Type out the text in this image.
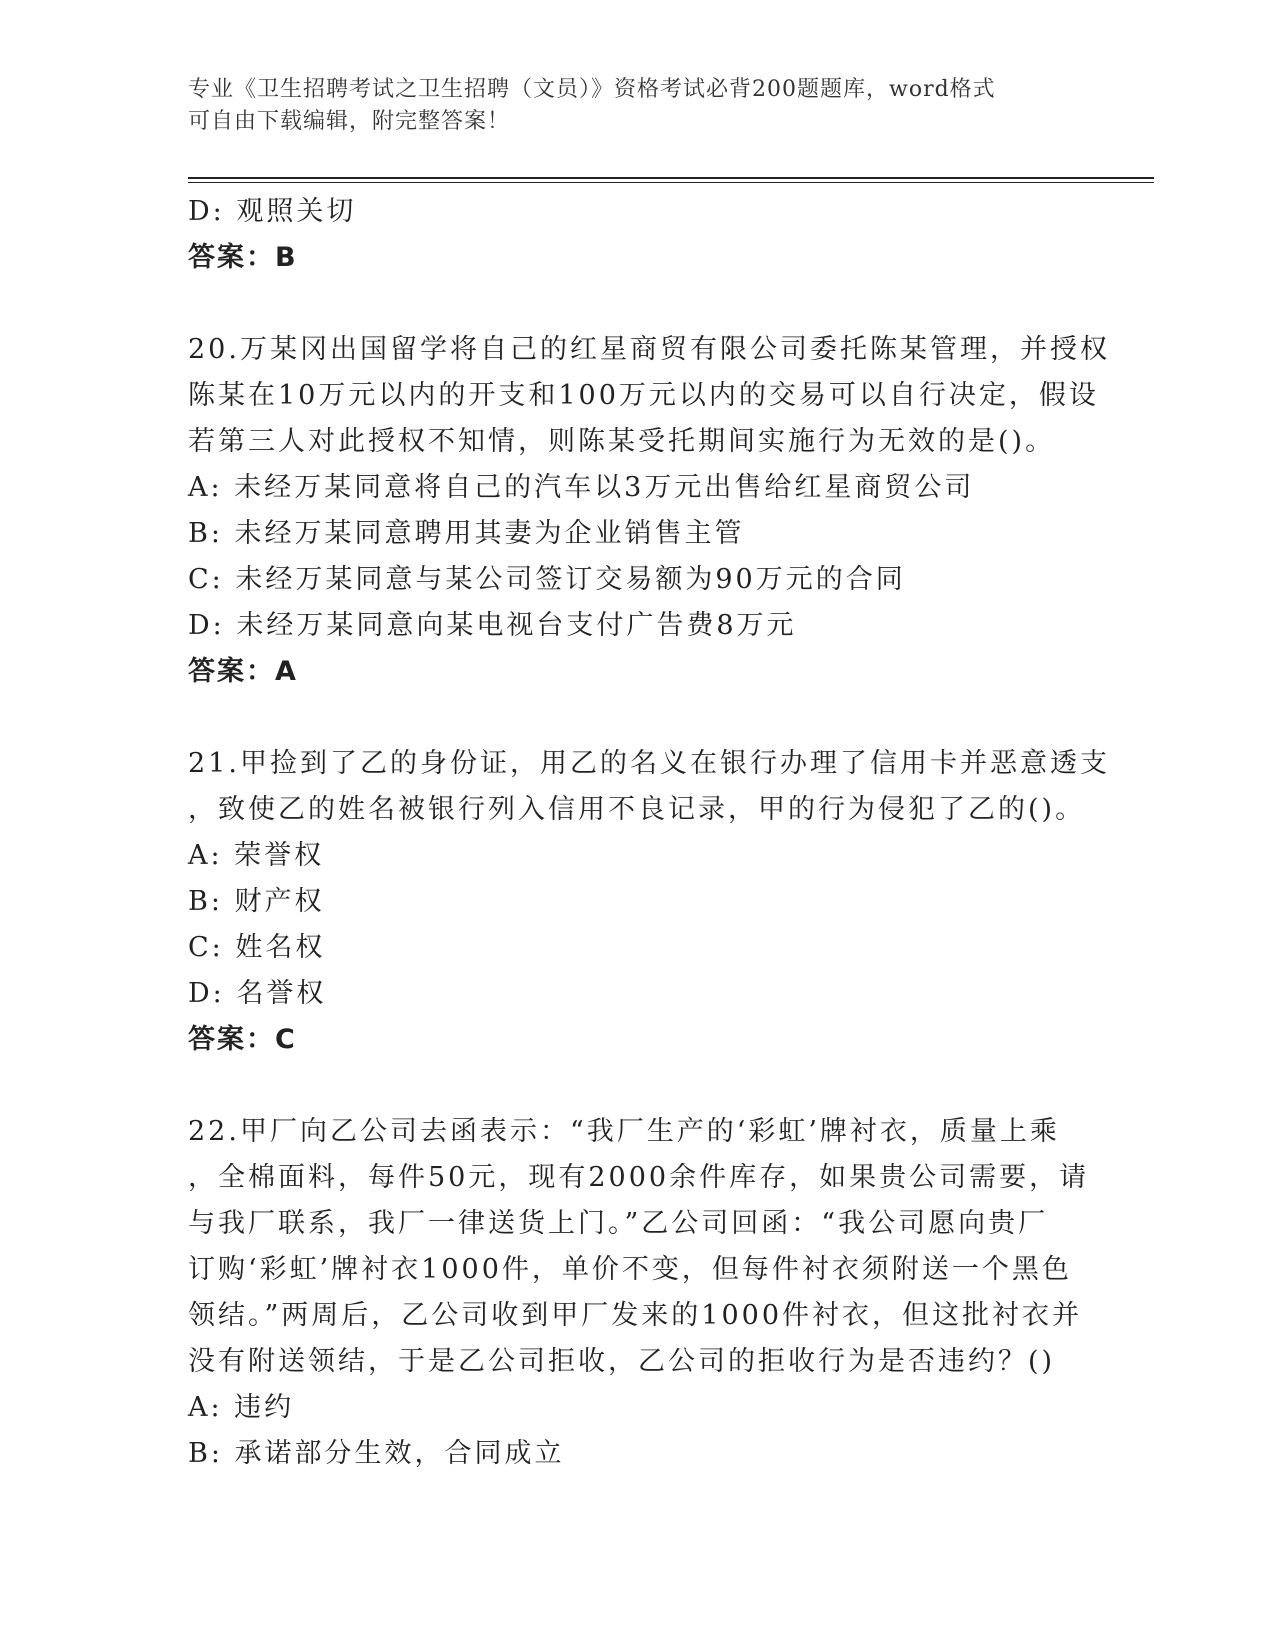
专业《卫生招聘考试之卫生招聘（文员）》资格考试必背200题题库，word格式
可自由下载编辑，附完整答案！
D: 观照关切
答案：B
20.万某冈出国留学将自己的红星商贸有限公司委托陈某管理，并授权
陈某在10万元以内的开支和100万元以内的交易可以自行决定，假设
若第三人对此授权不知情，则陈某受托期间实施行为无效的是()。
A: 未经万某同意将自己的汽车以3万元出售给红星商贸公司
B: 未经万某同意聘用其妻为企业销售主管
C: 未经万某同意与某公司签订交易额为90万元的合同
D: 未经万某同意向某电视台支付广告费8万元
答案：A
21.甲捡到了乙的身份证，用乙的名义在银行办理了信用卡并恶意透支
，致使乙的姓名被银行列入信用不良记录，甲的行为侵犯了乙的()。
A: 荣誉权
B: 财产权
C: 姓名权
D: 名誉权
答案：C
22.甲厂向乙公司去函表示：“我厂生产的‘彩虹’牌衬衣，质量上乘
，全棉面料，每件50元，现有2000余件库存，如果贵公司需要，请
与我厂联系，我厂一律送货上门。”乙公司回函：“我公司愿向贵厂
订购‘彩虹’牌衬衣1000件，单价不变，但每件衬衣须附送一个黑色
领结。”两周后，乙公司收到甲厂发来的1000件衬衣，但这批衬衣并
没有附送领结，于是乙公司拒收，乙公司的拒收行为是否违约？()
A: 违约
B: 承诺部分生效，合同成立
